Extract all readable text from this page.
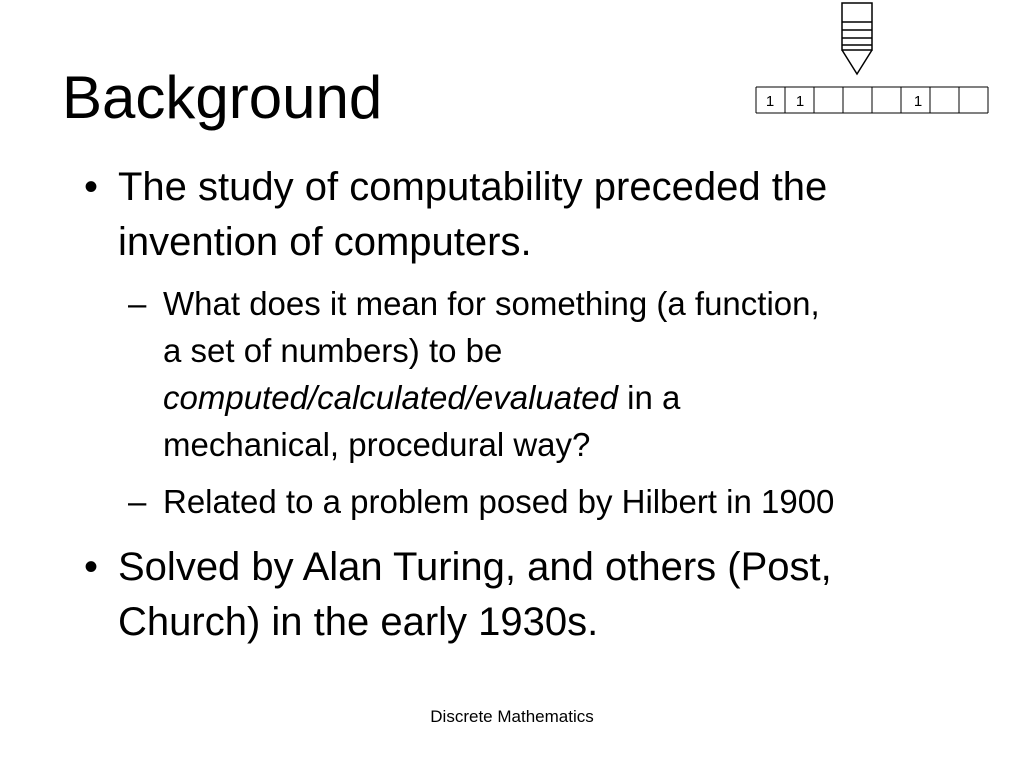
Background	1 1	1
• The study of computability preceded the
invention of computers.
– What does it mean for something (a function,
a set of numbers) to be
computed/calculated/evaluated in a
mechanical, procedural way?
– Related to a problem posed by Hilbert in 1900
• Solved by Alan Turing, and others (Post,
Church) in the early 1930s.
Discrete Mathematics
